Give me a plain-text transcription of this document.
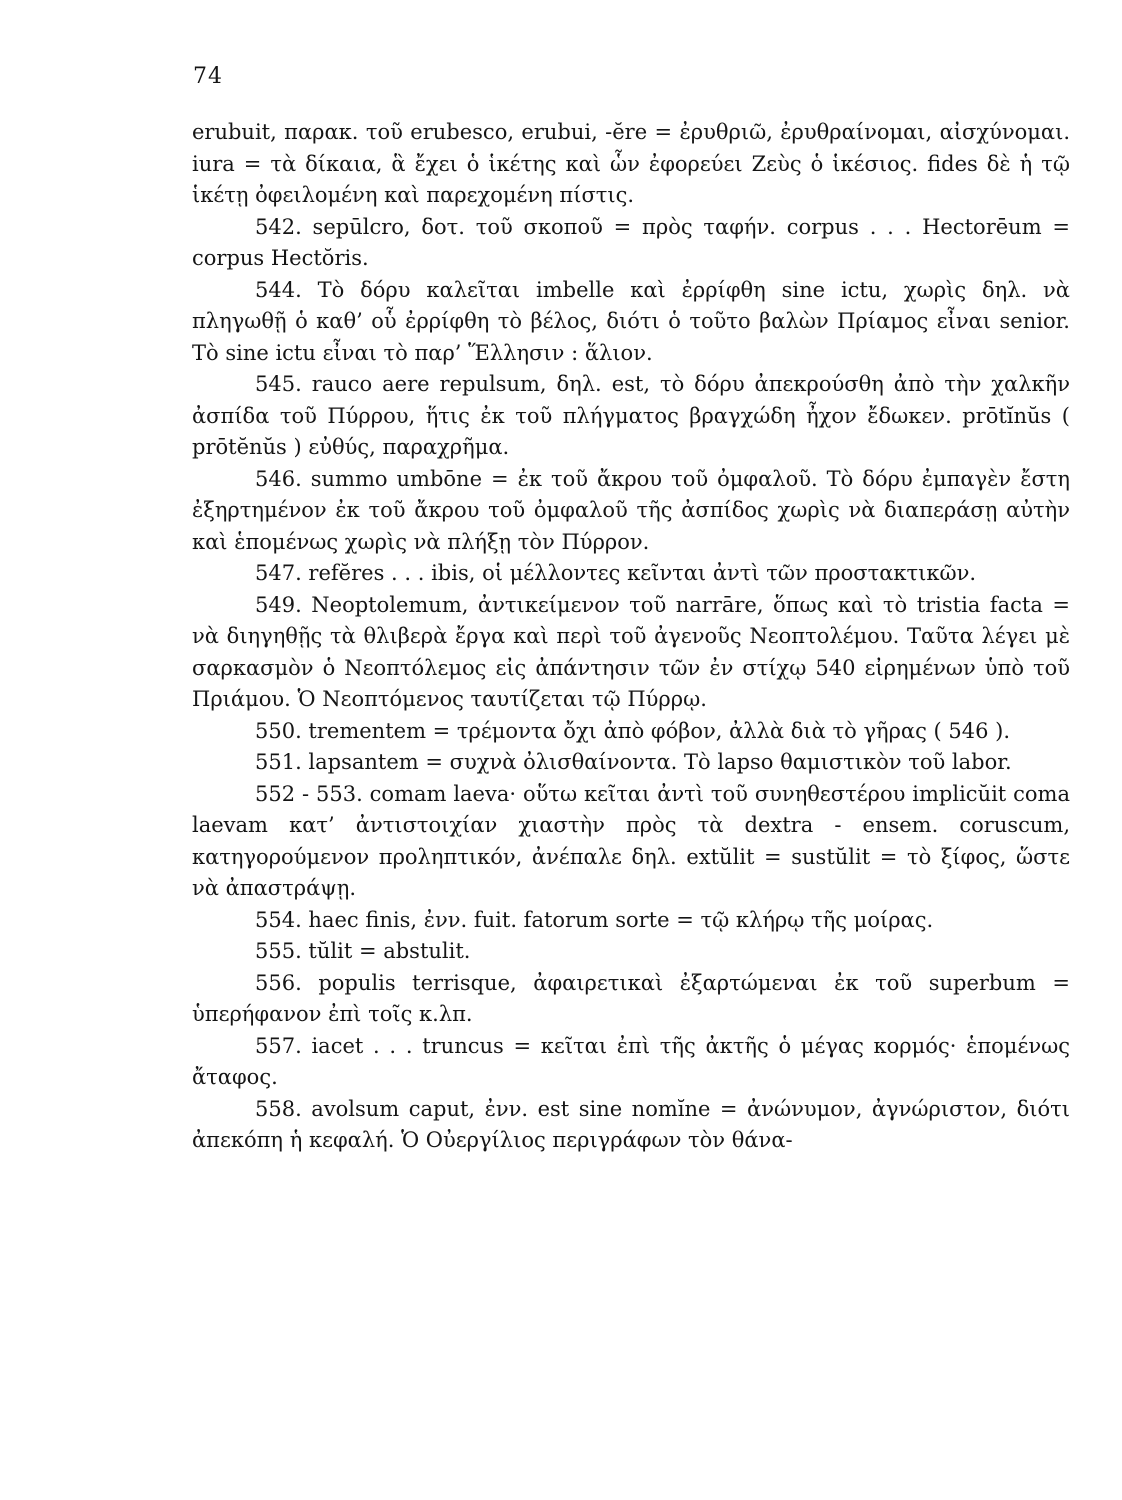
74

erubuit, παρακ. τοῦ erubesco, erubui, -ĕre = ἐρυθριῶ, ἐρυθραίνομαι, αἰσχύνομαι. iura = τὰ δίκαια, ἃ ἔχει ὁ ἱκέτης καὶ ὧν ἐφορεύει Ζεὺς ὁ ἱκέσιος. fides δὲ ἡ τῷ ἱκέτῃ ὀφειλομένη καὶ παρεχομένη πίστις.

542. sepūlcro, δοτ. τοῦ σκοποῦ = πρὸς ταφήν. corpus . . . Hectorēum = corpus Hectŏris.

544. Τὸ δόρυ καλεῖται imbelle καὶ ἐρρίφθη sine ictu, χωρὶς δηλ. νὰ πληγωθῇ ὁ καθ’ οὗ ἐρρίφθη τὸ βέλος, διότι ὁ τοῦτο βαλὼν Πρίαμος εἶναι senior. Τὸ sine ictu εἶναι τὸ παρ’ Ἕλλησιν : ἅλιον.

545. rauco aere repulsum, δηλ. est, τὸ δόρυ ἀπεκρούσθη ἀπὸ τὴν χαλκῆν ἀσπίδα τοῦ Πύρρου, ἥτις ἐκ τοῦ πλήγματος βραγχώδη ἦχον ἔδωκεν. prōtĭnŭs ( prōtĕnŭs ) εὐθύς, παραχρῆμα.

546. summo umbōne = ἐκ τοῦ ἄκρου τοῦ ὀμφαλοῦ. Τὸ δόρυ ἐμπαγὲν ἔστη ἐξηρτημένον ἐκ τοῦ ἄκρου τοῦ ὀμφαλοῦ τῆς ἀσπίδος χωρὶς νὰ διαπεράσῃ αὐτὴν καὶ ἑπομένως χωρὶς νὰ πλήξῃ τὸν Πύρρον.

547. refĕres . . . ibis, οἱ μέλλοντες κεῖνται ἀντὶ τῶν προστακτικῶν.

549. Neoptolemum, ἀντικείμενον τοῦ narrāre, ὅπως καὶ τὸ tristia facta = νὰ διηγηθῇς τὰ θλιβερὰ ἔργα καὶ περὶ τοῦ ἀγενοῦς Νεοπτολέμου. Ταῦτα λέγει μὲ σαρκασμὸν ὁ Νεοπτόλεμος εἰς ἀπάντησιν τῶν ἐν στίχῳ 540 εἰρημένων ὑπὸ τοῦ Πριάμου. Ὁ Νεοπτόμενος ταυτίζεται τῷ Πύρρῳ.

550. trementem = τρέμοντα ὄχι ἀπὸ φόβον, ἀλλὰ διὰ τὸ γῆρας ( 546 ).

551. lapsantem = συχνὰ ὀλισθαίνοντα. Τὸ lapso θαμιστικὸν τοῦ labor.

552 - 553. comam laeva· οὕτω κεῖται ἀντὶ τοῦ συνηθεστέρου implicŭit coma laevam κατ’ ἀντιστοιχίαν χιαστὴν πρὸς τὰ dextra - ensem. coruscum, κατηγορούμενον προληπτικόν, ἀνέπαλε δηλ. extŭlit = sustŭlit = τὸ ξίφος, ὥστε νὰ ἀπαστράψῃ.

554. haec finis, ἐνν. fuit. fatorum sorte = τῷ κλήρῳ τῆς μοίρας.

555. tŭlit = abstulit.

556. populis terrisque, ἀφαιρετικαὶ ἐξαρτώμεναι ἐκ τοῦ superbum = ὑπερήφανον ἐπὶ τοῖς κ.λπ.

557. iacet . . . truncus = κεῖται ἐπὶ τῆς ἀκτῆς ὁ μέγας κορμός· ἑπομένως ἄταφος.

558. avolsum caput, ἐνν. est sine nomĭne = ἀνώνυμον, ἀγνώριστον, διότι ἀπεκόπη ἡ κεφαλή. Ὁ Οὐεργίλιος περιγράφων τὸν θάνα-
